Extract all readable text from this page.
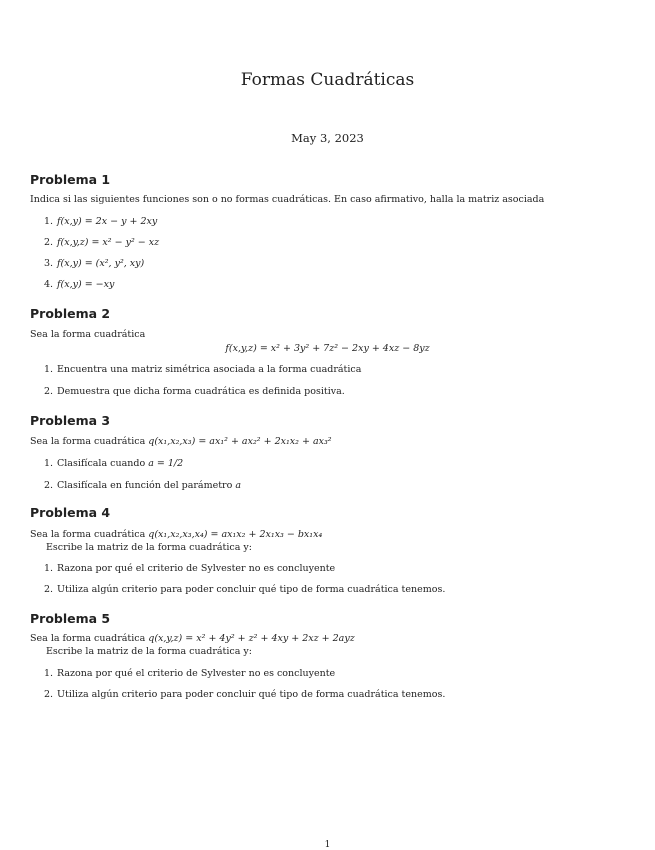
Formas Cuadráticas
May 3, 2023
Problema 1
Indica si las siguientes funciones son o no formas cuadráticas. En caso afirmativo, halla la matriz asociada
1. f(x,y) = 2x − y + 2xy
2. f(x,y,z) = x² − y² − xz
3. f(x,y) = (x², y², xy)
4. f(x,y) = −xy
Problema 2
Sea la forma cuadrática
f(x,y,z) = x² + 3y² + 7z² − 2xy + 4xz − 8yz
1. Encuentra una matriz simétrica asociada a la forma cuadrática
2. Demuestra que dicha forma cuadrática es definida positiva.
Problema 3
Sea la forma cuadrática q(x₁,x₂,x₃) = ax₁² + ax₂² + 2x₁x₂ + ax₃²
1. Clasifícala cuando a = 1/2
2. Clasifícala en función del parámetro a
Problema 4
Sea la forma cuadrática q(x₁,x₂,x₃,x₄) = ax₁x₂ + 2x₁x₃ − bx₁x₄
Escribe la matriz de la forma cuadrática y:
1. Razona por qué el criterio de Sylvester no es concluyente
2. Utiliza algún criterio para poder concluir qué tipo de forma cuadrática tenemos.
Problema 5
Sea la forma cuadrática q(x,y,z) = x² + 4y² + z² + 4xy + 2xz + 2ayz
Escribe la matriz de la forma cuadrática y:
1. Razona por qué el criterio de Sylvester no es concluyente
2. Utiliza algún criterio para poder concluir qué tipo de forma cuadrática tenemos.
1
